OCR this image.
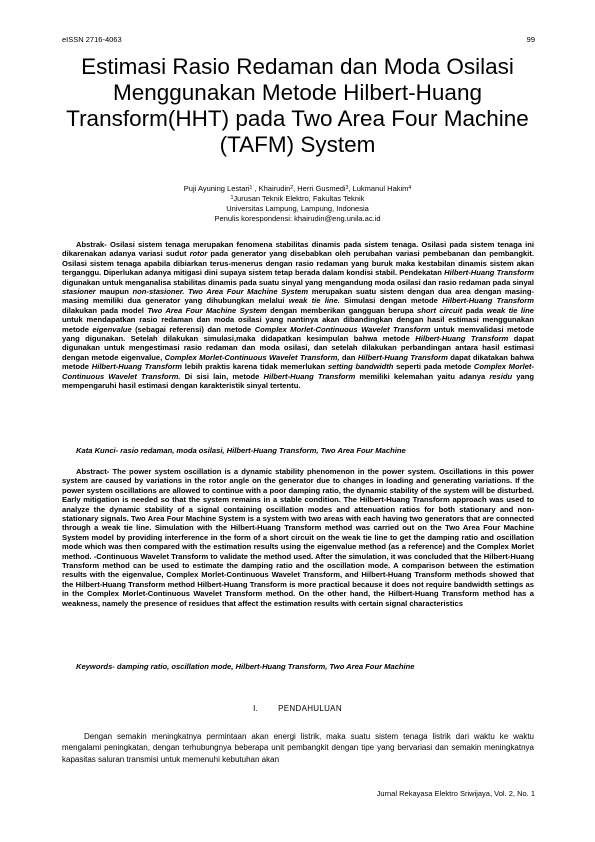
eISSN 2716-4063	99
Estimasi Rasio Redaman dan Moda Osilasi Menggunakan Metode Hilbert-Huang Transform(HHT) pada Two Area Four Machine (TAFM) System
Puji Ayuning Lestari$^1$ , Khairudin$^2$, Herri Gusmedi$^3$, Lukmanul Hakim$^4$
$^1$Jurusan Teknik Elektro, Fakultas Teknik
Universitas Lampung, Lampung, Indonesia
Penulis korespondensi: khairudin@eng.unila.ac.id

Abstrak- Osilasi sistem tenaga merupakan fenomena stabilitas dinamis pada sistem tenaga. Osilasi pada sistem tenaga ini dikarenakan adanya variasi sudut rotor pada generator yang disebabkan oleh perubahan variasi pembebanan dan pembangkit. Osilasi sistem tenaga apabila dibiarkan terus-menerus dengan rasio redaman yang buruk maka kestabilan dinamis sistem akan terganggu. Diperlukan adanya mitigasi dini supaya sistem tetap berada dalam kondisi stabil. Pendekatan Hilbert-Huang Transform digunakan untuk menganalisa stabilitas dinamis pada suatu sinyal yang mengandung moda osilasi dan rasio redaman pada sinyal stasioner maupun non-stasioner. Two Area Four Machine System merupakan suatu sistem dengan dua area dengan masing-masing memiliki dua generator yang dihubungkan melalui weak tie line. Simulasi dengan metode Hilbert-Huang Transform dilakukan pada model Two Area Four Machine System dengan memberikan gangguan berupa short circuit pada weak tie line untuk mendapatkan rasio redaman dan moda osilasi yang nantinya akan dibandingkan dengan hasil estimasi menggunakan metode eigenvalue (sebagai referensi) dan metode Complex Morlet-Continuous Wavelet Transform untuk memvalidasi metode yang digunakan. Setelah dilakukan simulasi,maka didapatkan kesimpulan bahwa metode Hilbert-Huang Transform dapat digunakan untuk mengestimasi rasio redaman dan moda osilasi, dan setelah dilakukan perbandingan antara hasil estimasi dengan metode eigenvalue, Complex Morlet-Continuous Wavelet Transform, dan Hilbert-Huang Transform dapat dikatakan bahwa metode Hilbert-Huang Transform lebih praktis karena tidak memerlukan setting bandwidth seperti pada metode Complex Morlet-Continuous Wavelet Transform. Di sisi lain, metode Hilbert-Huang Transform memiliki kelemahan yaitu adanya residu yang mempengaruhi hasil estimasi dengan karakteristik sinyal tertentu.

Kata Kunci- rasio redaman, moda osilasi, Hilbert-Huang Transform, Two Area Four Machine

Abstract- The power system oscillation is a dynamic stability phenomenon in the power system. Oscillations in this power system are caused by variations in the rotor angle on the generator due to changes in loading and generating variations. If the power system oscillations are allowed to continue with a poor damping ratio, the dynamic stability of the system will be disturbed. Early mitigation is needed so that the system remains in a stable condition. The Hilbert-Huang Transform approach was used to analyze the dynamic stability of a signal containing oscillation modes and attenuation ratios for both stationary and non-stationary signals. Two Area Four Machine System is a system with two areas with each having two generators that are connected through a weak tie line. Simulation with the Hilbert-Huang Transform method was carried out on the Two Area Four Machine System model by providing interference in the form of a short circuit on the weak tie line to get the damping ratio and oscillation mode which was then compared with the estimation results using the eigenvalue method (as a reference) and the Complex Morlet method. -Continuous Wavelet Transform to validate the method used. After the simulation, it was concluded that the Hilbert-Huang Transform method can be used to estimate the damping ratio and the oscillation mode. A comparison between the estimation results with the eigenvalue, Complex Morlet-Continuous Wavelet Transform, and Hilbert-Huang Transform methods showed that the Hilbert-Huang Transform method Hilbert-Huang Transform is more practical because it does not require bandwidth settings as in the Complex Morlet-Continuous Wavelet Transform method. On the other hand, the Hilbert-Huang Transform method has a weakness, namely the presence of residues that affect the estimation results with certain signal characteristics

Keywords- damping ratio, oscillation mode, Hilbert-Huang Transform, Two Area Four Machine

I.	PENDAHULUAN

Dengan semakin meningkatnya permintaan akan energi listrik, maka suatu sistem tenaga listrik dari waktu ke waktu mengalami peningkatan, dengan terhubungnya beberapa unit pembangkit dengan tipe yang bervariasi dan semakin meningkatnya kapasitas saluran transmisi untuk memenuhi kebutuhan akan

Jurnal Rekayasa Elektro Sriwijaya, Vol. 2, No. 1
